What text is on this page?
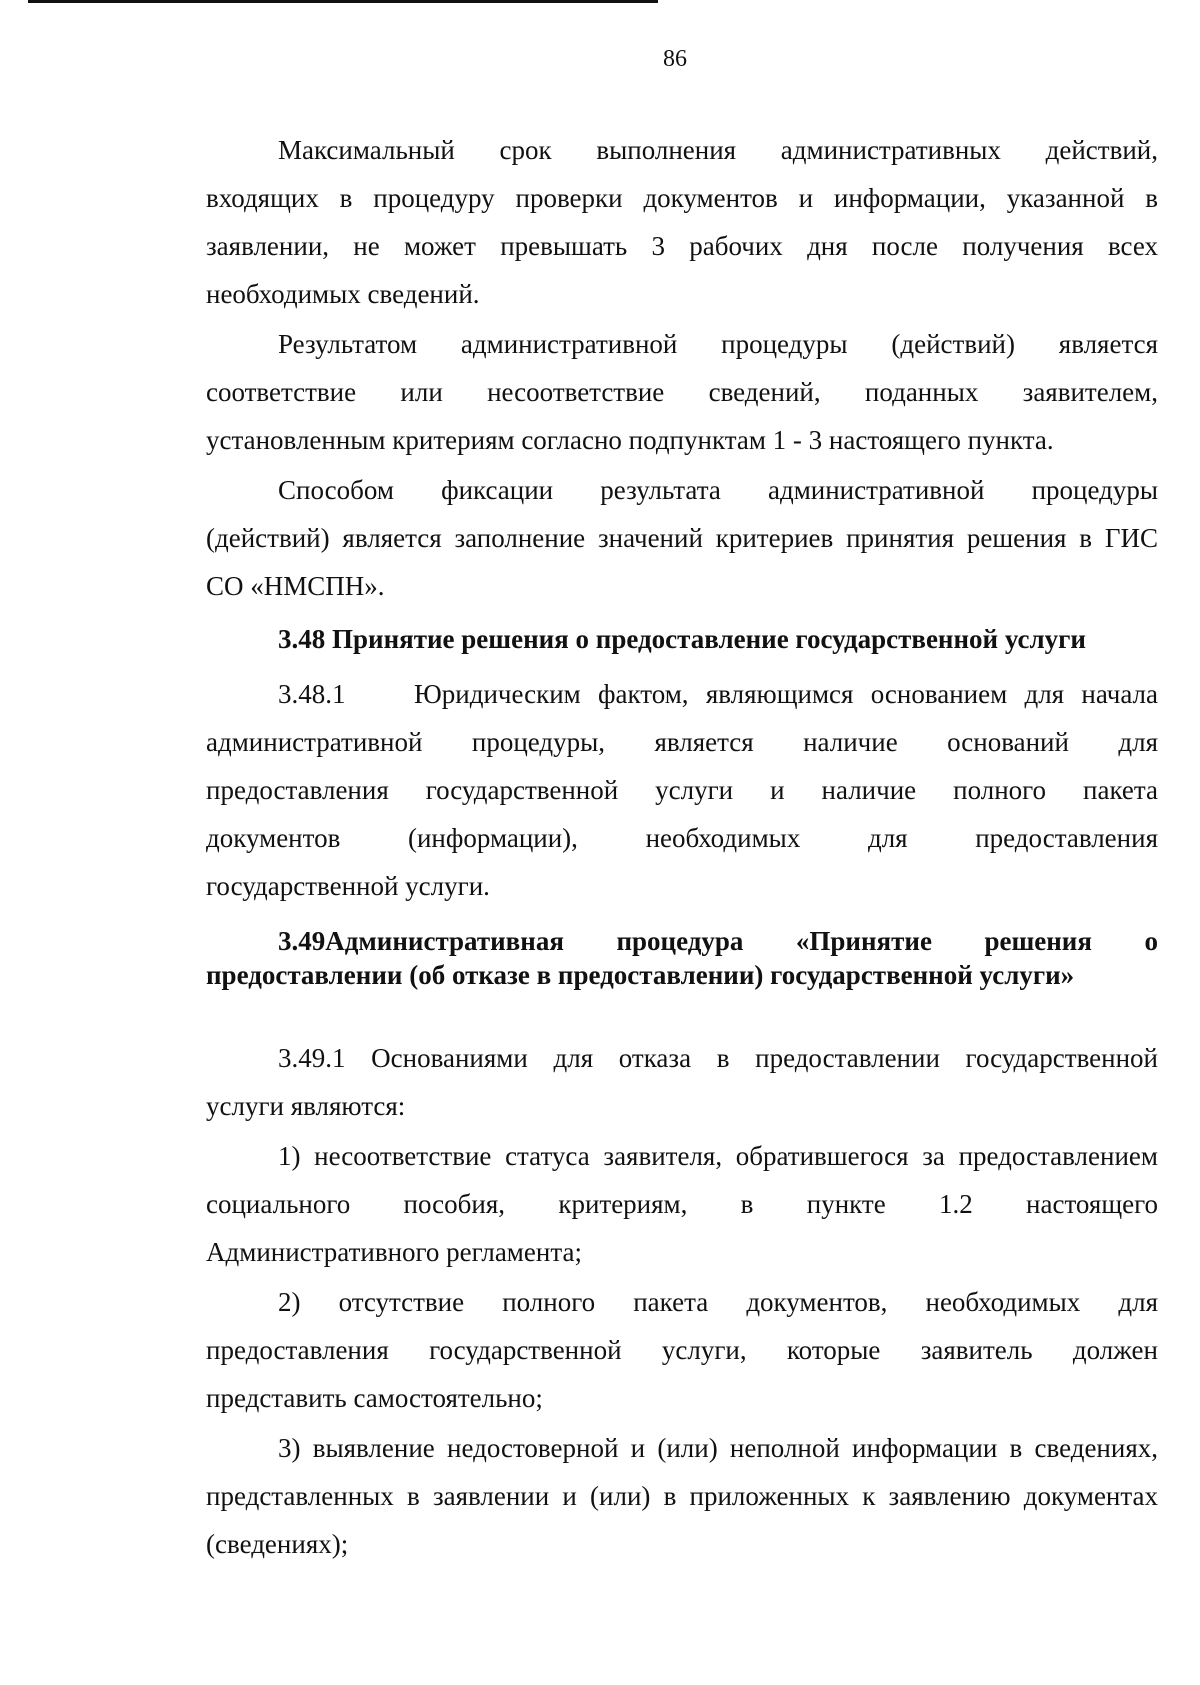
86
Максимальный срок выполнения административных действий,
входящих в процедуру проверки документов и информации, указанной в
заявлении, не может превышать 3 рабочих дня после получения всех
необходимых сведений.
Результатом административной процедуры (действий) является
соответствие или несоответствие сведений, поданных заявителем,
установленным критериям согласно подпунктам 1 - 3 настоящего пункта.
Способом фиксации результата административной процедуры
(действий) является заполнение значений критериев принятия решения в ГИС
СО «НМСПН».
3.48 Принятие решения о предоставление государственной услуги
3.48.1	Юридическим фактом, являющимся основанием для начала
административной процедуры, является наличие оснований для
предоставления государственной услуги и наличие полного пакета
документов (информации), необходимых для предоставления
государственной услуги.
3.49Административная процедура «Принятие решения о
предоставлении (об отказе в предоставлении) государственной услуги»
3.49.1 Основаниями для отказа в предоставлении государственной
услуги являются:
1) несоответствие статуса заявителя, обратившегося за предоставлением
социального пособия, критериям, в пункте 1.2 настоящего
Административного регламента;
2) отсутствие полного пакета документов, необходимых для
предоставления государственной услуги, которые заявитель должен
представить самостоятельно;
3) выявление недостоверной и (или) неполной информации в сведениях,
представленных в заявлении и (или) в приложенных к заявлению документах
(сведениях);
